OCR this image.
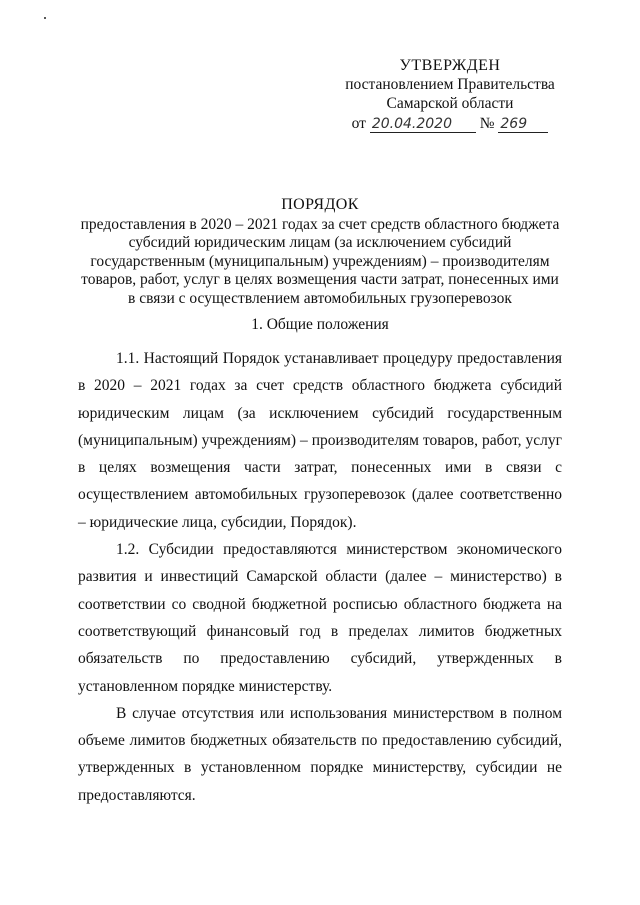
УТВЕРЖДЕН
постановлением Правительства
Самарской области
от 20.04.2020 № 269
ПОРЯДОК
предоставления в 2020 – 2021 годах за счет средств областного бюджета субсидий юридическим лицам (за исключением субсидий государственным (муниципальным) учреждениям) – производителям товаров, работ, услуг в целях возмещения части затрат, понесенных ими в связи с осуществлением автомобильных грузоперевозок
1. Общие положения

1.1. Настоящий Порядок устанавливает процедуру предоставления в 2020 – 2021 годах за счет средств областного бюджета субсидий юридическим лицам (за исключением субсидий государственным (муниципальным) учреждениям) – производителям товаров, работ, услуг в целях возмещения части затрат, понесенных ими в связи с осуществлением автомобильных грузоперевозок (далее соответственно – юридические лица, субсидии, Порядок).

1.2. Субсидии предоставляются министерством экономического развития и инвестиций Самарской области (далее – министерство) в соответствии со сводной бюджетной росписью областного бюджета на соответствующий финансовый год в пределах лимитов бюджетных обязательств по предоставлению субсидий, утвержденных в установленном порядке министерству.

В случае отсутствия или использования министерством в полном объеме лимитов бюджетных обязательств по предоставлению субсидий, утвержденных в установленном порядке министерству, субсидии не предоставляются.
